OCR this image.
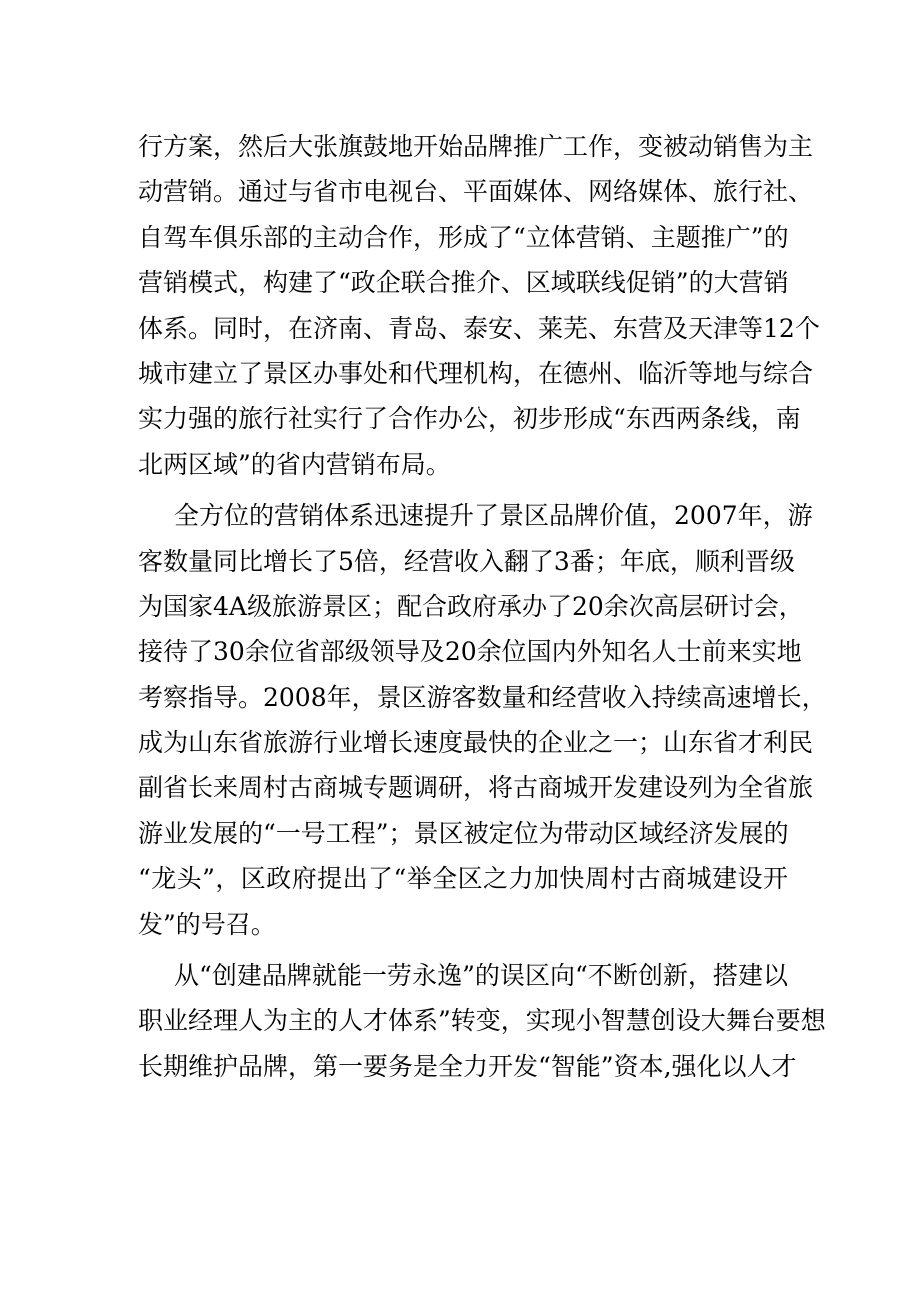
行方案，然后大张旗鼓地开始品牌推广工作，变被动销售为主
动营销。通过与省市电视台、平面媒体、网络媒体、旅行社、
自驾车俱乐部的主动合作，形成了“立体营销、主题推广”的
营销模式，构建了“政企联合推介、区域联线促销”的大营销
体系。同时，在济南、青岛、泰安、莱芜、东营及天津等12个
城市建立了景区办事处和代理机构，在德州、临沂等地与综合
实力强的旅行社实行了合作办公，初步形成“东西两条线，南
北两区域”的省内营销布局。
全方位的营销体系迅速提升了景区品牌价值，2007年，游
客数量同比增长了5倍，经营收入翻了3番；年底，顺利晋级
为国家4A级旅游景区；配合政府承办了20余次高层研讨会，
接待了30余位省部级领导及20余位国内外知名人士前来实地
考察指导。2008年，景区游客数量和经营收入持续高速增长，
成为山东省旅游行业增长速度最快的企业之一；山东省才利民
副省长来周村古商城专题调研，将古商城开发建设列为全省旅
游业发展的“一号工程”；景区被定位为带动区域经济发展的
“龙头”，区政府提出了“举全区之力加快周村古商城建设开
发”的号召。
从“创建品牌就能一劳永逸”的误区向“不断创新，搭建以
职业经理人为主的人才体系”转变，实现小智慧创设大舞台要想
长期维护品牌，第一要务是全力开发“智能”资本,强化以人才
